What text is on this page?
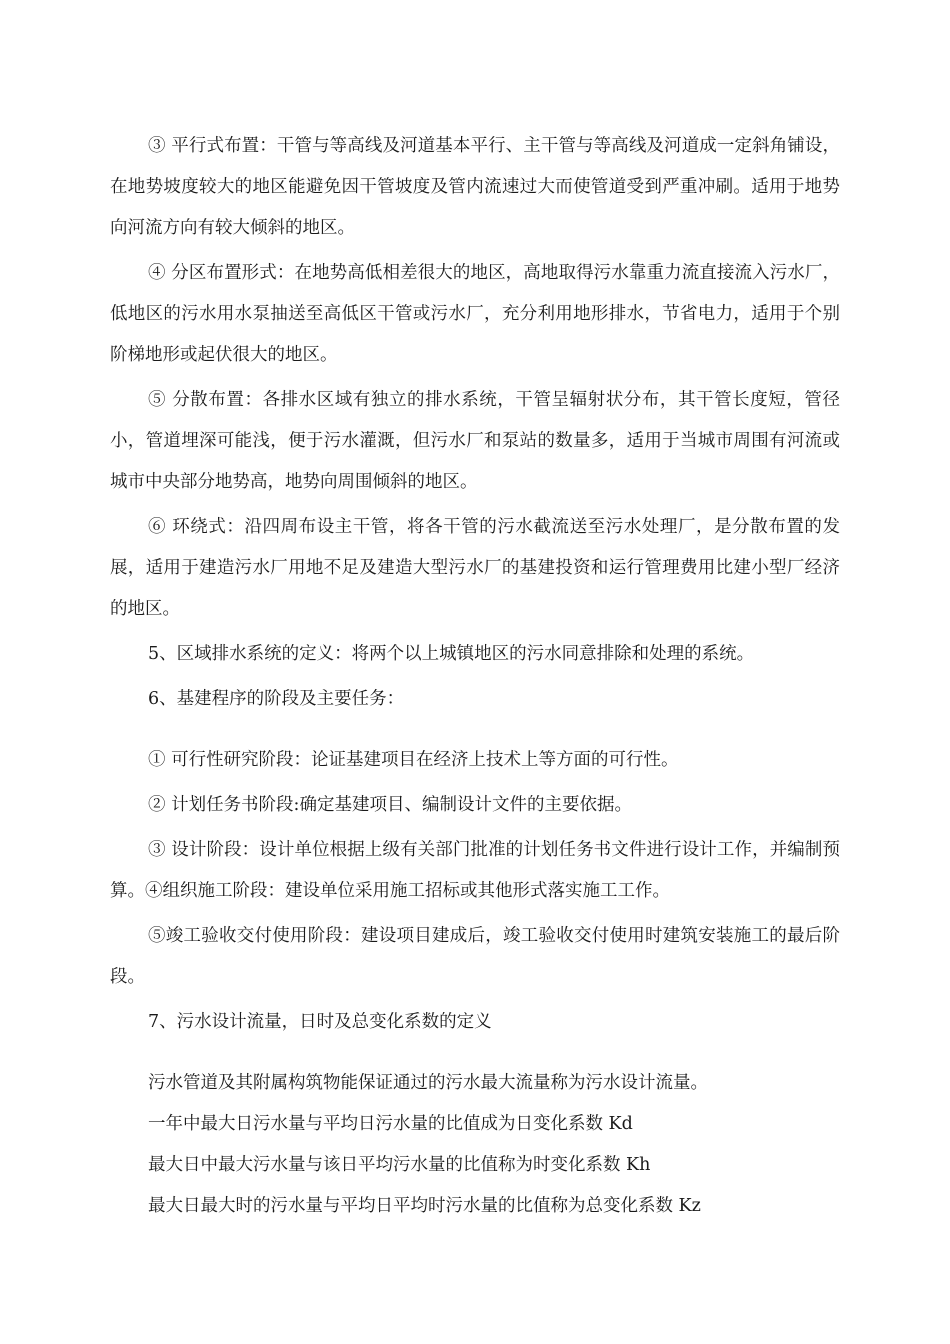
③ 平行式布置：干管与等高线及河道基本平行、主干管与等高线及河道成一定斜角铺设，在地势坡度较大的地区能避免因干管坡度及管内流速过大而使管道受到严重冲刷。适用于地势向河流方向有较大倾斜的地区。

④ 分区布置形式：在地势高低相差很大的地区，高地取得污水靠重力流直接流入污水厂，低地区的污水用水泵抽送至高低区干管或污水厂，充分利用地形排水，节省电力，适用于个别阶梯地形或起伏很大的地区。

⑤ 分散布置：各排水区域有独立的排水系统，干管呈辐射状分布，其干管长度短，管径小，管道埋深可能浅，便于污水灌溉，但污水厂和泵站的数量多，适用于当城市周围有河流或城市中央部分地势高，地势向周围倾斜的地区。

⑥ 环绕式：沿四周布设主干管，将各干管的污水截流送至污水处理厂，是分散布置的发展，适用于建造污水厂用地不足及建造大型污水厂的基建投资和运行管理费用比建小型厂经济的地区。

5、区域排水系统的定义：将两个以上城镇地区的污水同意排除和处理的系统。

6、基建程序的阶段及主要任务：

① 可行性研究阶段：论证基建项目在经济上技术上等方面的可行性。

② 计划任务书阶段:确定基建项目、编制设计文件的主要依据。

③ 设计阶段：设计单位根据上级有关部门批准的计划任务书文件进行设计工作，并编制预算。④组织施工阶段：建设单位采用施工招标或其他形式落实施工工作。

⑤竣工验收交付使用阶段：建设项目建成后，竣工验收交付使用时建筑安装施工的最后阶段。

7、污水设计流量，日时及总变化系数的定义

污水管道及其附属构筑物能保证通过的污水最大流量称为污水设计流量。

一年中最大日污水量与平均日污水量的比值成为日变化系数 Kd

最大日中最大污水量与该日平均污水量的比值称为时变化系数 Kh

最大日最大时的污水量与平均日平均时污水量的比值称为总变化系数 Kz
